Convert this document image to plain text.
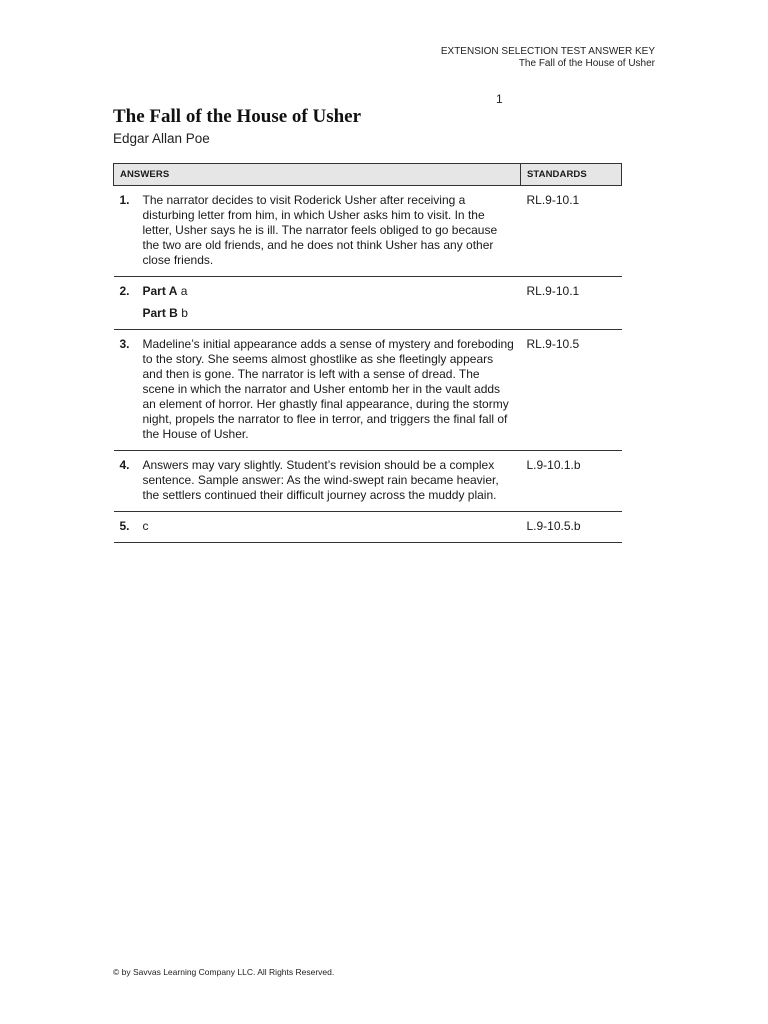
EXTENSION SELECTION TEST ANSWER KEY
The Fall of the House of Usher
1
The Fall of the House of Usher
Edgar Allan Poe
ANSWERS	STANDARDS

1. The narrator decides to visit Roderick Usher after receiving a disturbing letter from him, in which Usher asks him to visit. In the letter, Usher says he is ill. The narrator feels obliged to go because the two are old friends, and he does not think Usher has any other close friends.	RL.9-10.1

2. Part A a

Part B b	RL.9-10.1

3. Madeline’s initial appearance adds a sense of mystery and foreboding to the story. She seems almost ghostlike as she fleetingly appears and then is gone. The narrator is left with a sense of dread. The scene in which the narrator and Usher entomb her in the vault adds an element of horror. Her ghastly final appearance, during the stormy night, propels the narrator to flee in terror, and triggers the final fall of the House of Usher.	RL.9-10.5

4. Answers may vary slightly. Student’s revision should be a complex sentence. Sample answer: As the wind-swept rain became heavier, the settlers continued their difficult journey across the muddy plain.	L.9-10.1.b

5. c	L.9-10.5.b
© by Savvas Learning Company LLC. All Rights Reserved.
